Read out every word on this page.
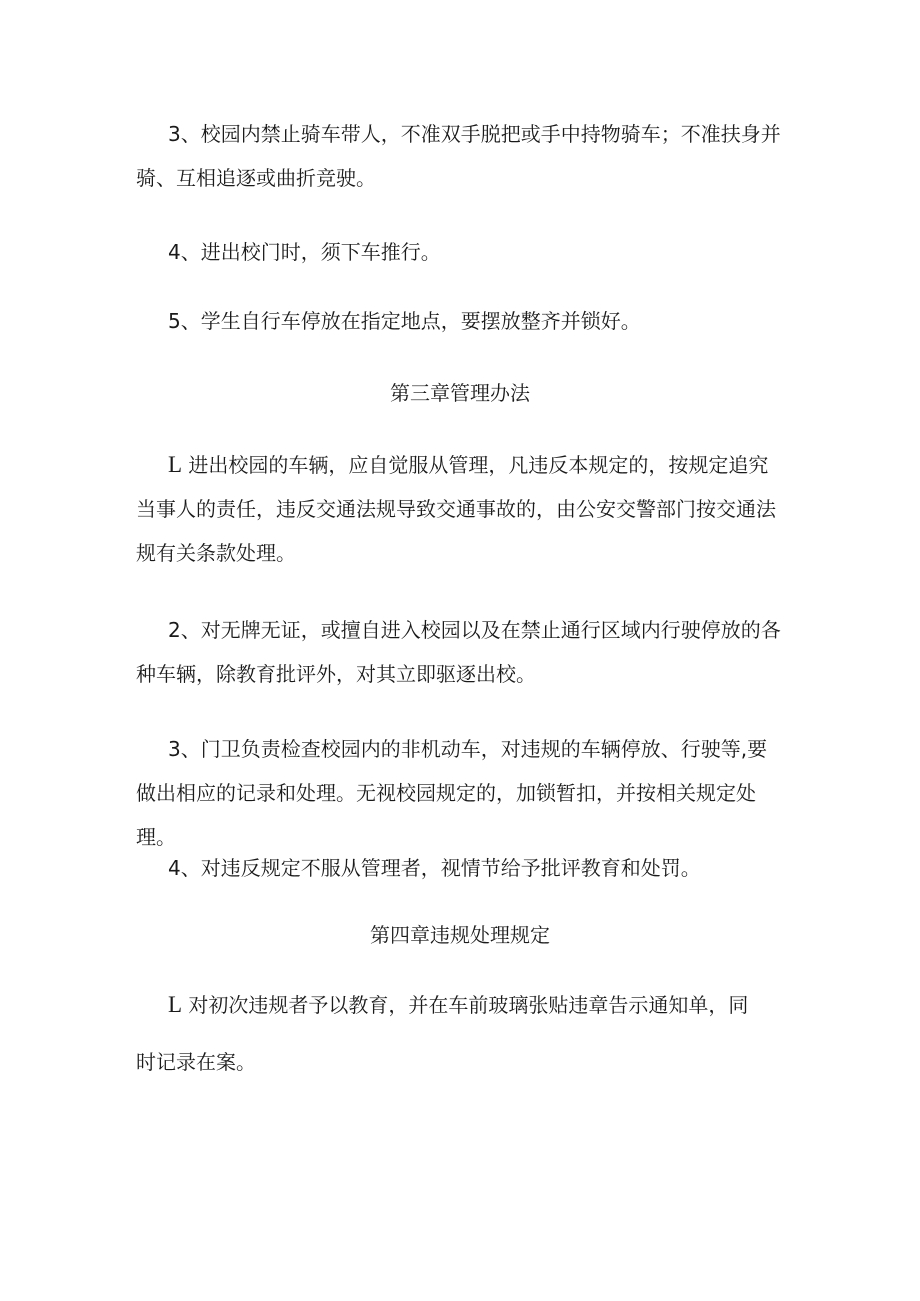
3、校园内禁止骑车带人，不准双手脱把或手中持物骑车；不准扶身并骑、互相追逐或曲折竞驶。

4、进出校门时，须下车推行。

5、学生自行车停放在指定地点，要摆放整齐并锁好。

第三章管理办法

L 进出校园的车辆，应自觉服从管理，凡违反本规定的，按规定追究当事人的责任，违反交通法规导致交通事故的，由公安交警部门按交通法规有关条款处理。

2、对无牌无证，或擅自进入校园以及在禁止通行区域内行驶停放的各种车辆，除教育批评外，对其立即驱逐出校。

3、门卫负责检查校园内的非机动车，对违规的车辆停放、行驶等,要做出相应的记录和处理。无视校园规定的，加锁暂扣，并按相关规定处理。

4、对违反规定不服从管理者，视情节给予批评教育和处罚。

第四章违规处理规定

L 对初次违规者予以教育，并在车前玻璃张贴违章告示通知单，同

时记录在案。
